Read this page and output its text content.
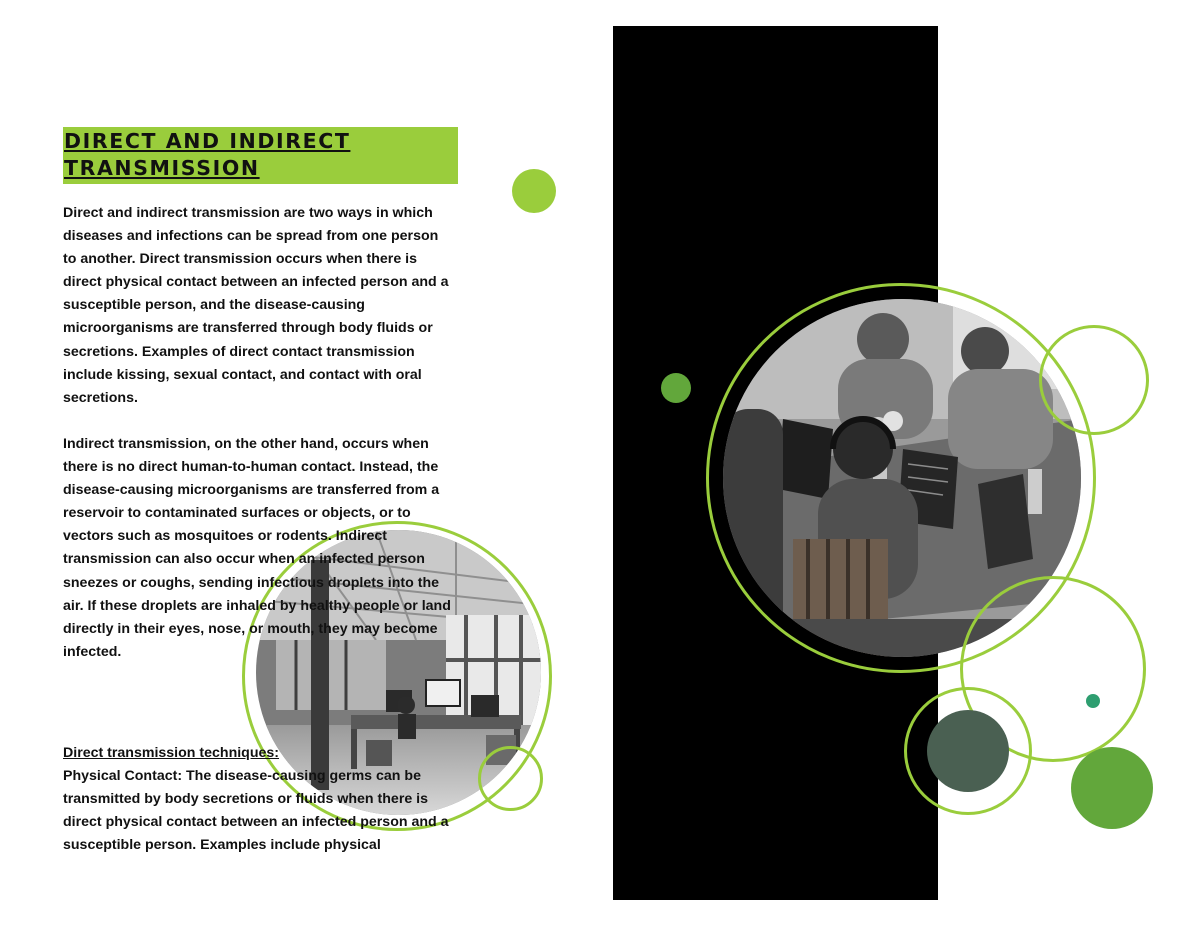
DIRECT AND INDIRECT TRANSMISSION

Direct and indirect transmission are two ways in which diseases and infections can be spread from one person to another. Direct transmission occurs when there is direct physical contact between an infected person and a susceptible person, and the disease-causing microorganisms are transferred through body fluids or secretions. Examples of direct contact transmission include kissing, sexual contact, and contact with oral secretions.

Indirect transmission, on the other hand, occurs when there is no direct human-to-human contact. Instead, the disease-causing microorganisms are transferred from a reservoir to contaminated surfaces or objects, or to vectors such as mosquitoes or rodents. Indirect transmission can also occur when an infected person sneezes or coughs, sending infectious droplets into the air. If these droplets are inhaled by healthy people or land directly in their eyes, nose, or mouth, they may become infected.

Direct transmission techniques:

Physical Contact: The disease-causing germs can be transmitted by body secretions or fluids when there is direct physical contact between an infected person and a susceptible person. Examples include physical
